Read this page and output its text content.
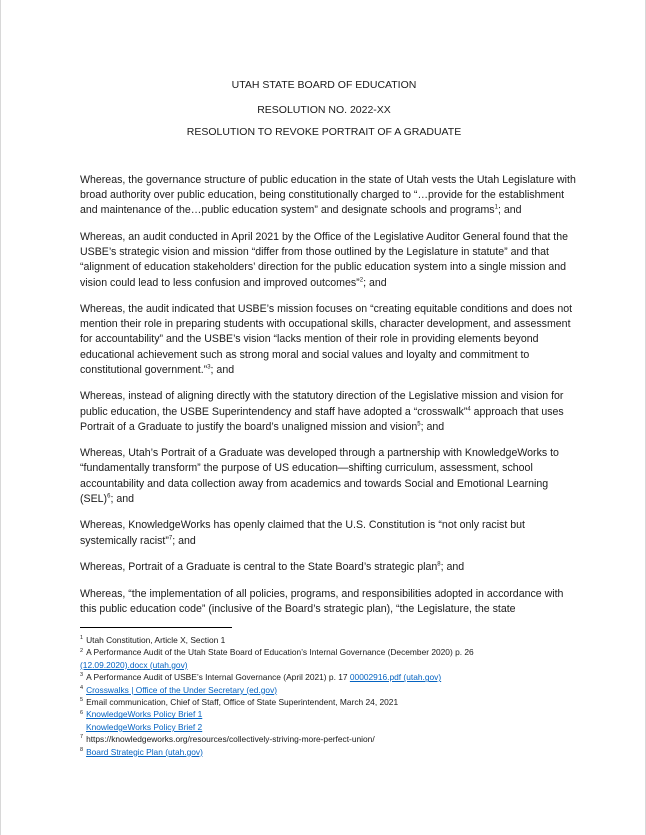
UTAH STATE BOARD OF EDUCATION
RESOLUTION NO. 2022-XX
RESOLUTION TO REVOKE PORTRAIT OF A GRADUATE

Whereas, the governance structure of public education in the state of Utah vests the Utah Legislature with broad authority over public education, being constitutionally charged to “…provide for the establishment and maintenance of the…public education system” and designate schools and programs$^1$; and

Whereas, an audit conducted in April 2021 by the Office of the Legislative Auditor General found that the USBE’s strategic vision and mission “differ from those outlined by the Legislature in statute” and that “alignment of education stakeholders’ direction for the public education system into a single mission and vision could lead to less confusion and improved outcomes”$^2$; and

Whereas, the audit indicated that USBE’s mission focuses on “creating equitable conditions and does not mention their role in preparing students with occupational skills, character development, and assessment for accountability” and the USBE’s vision “lacks mention of their role in providing elements beyond educational achievement such as strong moral and social values and loyalty and commitment to constitutional government.”$^3$; and

Whereas, instead of aligning directly with the statutory direction of the Legislative mission and vision for public education, the USBE Superintendency and staff have adopted a “crosswalk”$^4$ approach that uses Portrait of a Graduate to justify the board’s unaligned mission and vision$^5$; and

Whereas, Utah’s Portrait of a Graduate was developed through a partnership with KnowledgeWorks to “fundamentally transform” the purpose of US education—shifting curriculum, assessment, school accountability and data collection away from academics and towards Social and Emotional Learning (SEL)$^6$; and

Whereas, KnowledgeWorks has openly claimed that the U.S. Constitution is “not only racist but systemically racist”$^7$; and

Whereas, Portrait of a Graduate is central to the State Board’s strategic plan$^8$; and

Whereas, “the implementation of all policies, programs, and responsibilities adopted in accordance with this public education code” (inclusive of the Board’s strategic plan), “the Legislature, the state

$^1$ Utah Constitution, Article X, Section 1
$^2$ A Performance Audit of the Utah State Board of Education’s Internal Governance (December 2020) p. 26
(12.09.2020).docx (utah.gov)
$^3$ A Performance Audit of USBE’s Internal Governance (April 2021) p. 17 00002916.pdf (utah.gov)
$^4$ Crosswalks | Office of the Under Secretary (ed.gov)
$^5$ Email communication, Chief of Staff, Office of State Superintendent, March 24, 2021
$^6$ KnowledgeWorks Policy Brief 1
KnowledgeWorks Policy Brief 2
$^7$ https://knowledgeworks.org/resources/collectively-striving-more-perfect-union/
$^8$ Board Strategic Plan (utah.gov)
